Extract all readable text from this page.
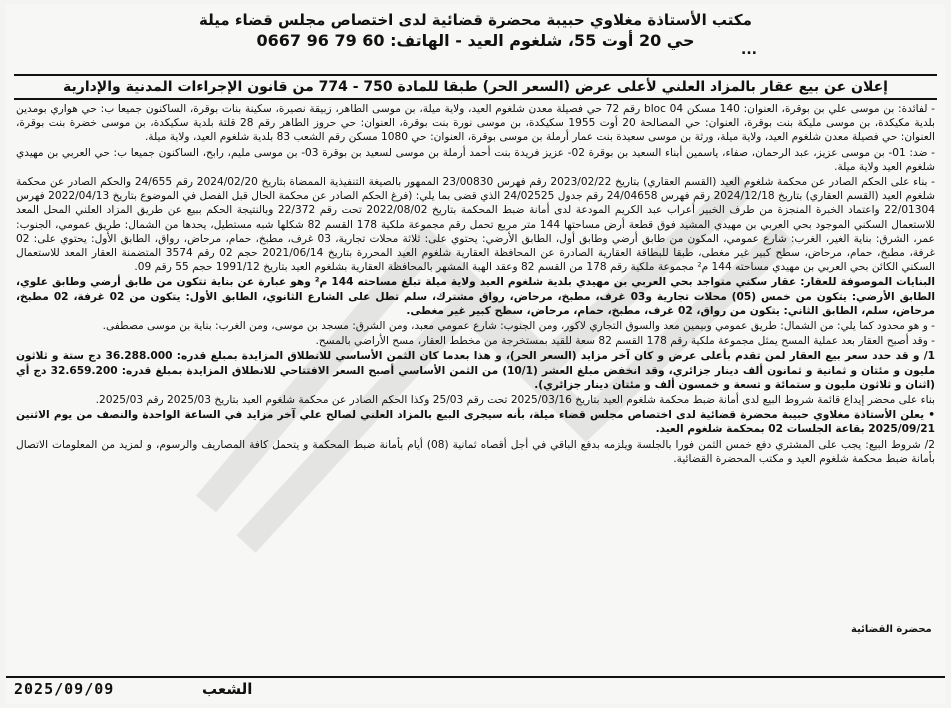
مكتب الأستاذة مغلاوي حبيبة محضرة قضائية لدى اختصاص مجلس قضاء ميلة
حي 20 أوت 55، شلغوم العيد - الهاتف: 60 79 96 0667	...
إعلان عن بيع عقار بالمزاد العلني لأعلى عرض (السعر الحر) طبقا للمادة 750 - 774 من قانون الإجراءات المدنية والإدارية

- لفائدة: بن موسى علي بن بوقرة، العنوان: 140 مسكن bloc 04 رقم 72 حي فصيلة معدن شلغوم العيد، ولاية ميلة، بن موسى الطاهر، زبيقة نصيرة، سكينة بنات بوقرة، الساكنون جميعا ب: حي هواري بومدين بلدية مكيكدة، بن موسى مليكة بنت بوقرة، العنوان: حي المصالحة 20 أوت 1955 سكيكدة، بن موسى نورة بنت بوقرة، العنوان: حي حروز الطاهر رقم 28 قلتة بلدية سكيكدة، بن موسى خضرة بنت بوقرة، العنوان: حي فصيلة معدن شلغوم العيد، ولاية ميلة، ورثة بن موسى سعيدة بنت عمار أرملة بن موسى بوقرة، العنوان: حي 1080 مسكن رقم الشعب 83 بلدية شلغوم العيد، ولاية ميلة.

- ضد: 01- بن موسى عزيز، عبد الرحمان، صفاء، ياسمين أبناء السعيد بن بوقرة 02- عزيز فريدة بنت أحمد أرملة بن موسى لسعيد بن بوقرة 03- بن موسى مليم، رابح، الساكنون جميعا ب: حي العربي بن مهيدي شلغوم العيد ولاية ميلة.

- بناء على الحكم الصادر عن محكمة شلغوم العيد (القسم العقاري) بتاريخ 2023/02/22 رقم فهرس 23/00830 الممهور بالصيغة التنفيذية الممضاة بتاريخ 2024/02/20 رقم 24/655 والحكم الصادر عن محكمة شلغوم العيد (القسم العقاري) بتاريخ 2024/12/18 رقم فهرس 24/04658 رقم جدول 24/02525 الذي قضى بما يلي: (فرغ الحكم الصادر عن محكمة الحال قبل الفصل في الموضوع بتاريخ 2022/04/13 فهرس 22/01304 واعتماد الخبرة المنجزة من طرف الخبير أعراب عبد الكريم المودعة لدى أمانة ضبط المحكمة بتاريخ 2022/08/02 تحت رقم 22/372 وبالنتيجة الحكم ببيع عن طريق المزاد العلني المحل المعد للاستعمال السكني الموجود بحي العربي بن مهيدي المشيد فوق قطعة أرض مساحتها 144 متر مربع تحمل رقم مجموعة ملكية 178 القسم 82 شكلها شبه مستطيل، يحدها من الشمال: طريق عمومي، الجنوب: عمر، الشرق: بناية الغير، الغرب: شارع عمومي، المكون من طابق أرضي وطابق أول، الطابق الأرضي: يحتوي على: ثلاثة محلات تجارية، 03 غرف، مطبخ، حمام، مرحاض، رواق، الطابق الأول: يحتوي على: 02 غرفة، مطبخ، حمام، مرحاض، سطح كبير غير مغطى، طبقا للبطاقة العقارية الصادرة عن المحافظة العقارية شلغوم العيد المحررة بتاريخ 2021/06/14 حجم 02 رقم 3574 المتضمنة العقار المعد للاستعمال السكني الكائن بحي العربي بن مهيدي مساحته 144 م² مجموعة ملكية رقم 178 من القسم 82 وعقد الهبة المشهر بالمحافظة العقارية بشلغوم العيد بتاريخ 1991/12 حجم 55 رقم 09.

البنايات الموصوفة للعقار: عقار سكني متواجد بحي العربي بن مهيدي بلدية شلغوم العيد ولاية ميلة تبلغ مساحته 144 م² وهو عبارة عن بناية تتكون من طابق أرضي وطابق علوي، الطابق الأرضي: يتكون من خمس (05) محلات تجارية و03 غرف، مطبخ، مرحاض، رواق مشترك، سلم تطل على الشارع الثانوي، الطابق الأول: يتكون من 02 غرفة، 02 مطبخ، مرحاض، سلم، الطابق الثاني: يتكون من رواق، 02 غرف، مطبخ، حمام، مرحاض، سطح كبير غير مغطى.

- و هو محدود كما يلي: من الشمال: طريق عمومي وبيمين معد والسوق التجاري لاكور، ومن الجنوب: شارع عمومي معبد، ومن الشرق: مسجد بن موسى، ومن الغرب: بناية بن موسى مصطفى.

- وقد أصبح العقار بعد عملية المسح يمثل مجموعة ملكية رقم 178 القسم 82 سعة للقيد بمستخرجة من مخطط العقار، مسح الأراضي بالمسح.

1/ و قد حدد سعر بيع العقار لمن تقدم بأعلى عرض و كان آخر مزايد (السعر الحر)، و هذا بعدما كان الثمن الأساسي للانطلاق المزايدة بمبلغ قدره: 36.288.000 دج ستة و ثلاثون مليون و مئتان و ثمانية و ثمانون ألف دينار جزائري، وقد انخفض مبلغ العشر (10/1) من الثمن الأساسي أصبح السعر الافتتاحي للانطلاق المزايدة بمبلغ قدره: 32.659.200 دج أي (اثنان و ثلاثون مليون و ستمائة و تسعة و خمسون ألف و مئتان دينار جزائري).

بناء على محضر إيداع قائمة شروط البيع لدى أمانة ضبط محكمة شلغوم العيد بتاريخ 2025/03/16 تحت رقم 25/03 وكذا الحكم الصادر عن محكمة شلغوم العيد بتاريخ 2025/03 رقم 2025/03.

• يعلن الأستاذة مغلاوي حبيبة محضرة قضائية لدى اختصاص مجلس قضاء ميلة، بأنه سيجرى البيع بالمزاد العلني لصالح علي آخر مزايد في الساعة الواحدة والنصف من يوم الاثنين 2025/09/21 بقاعة الجلسات 02 بمحكمة شلغوم العيد.

2/ شروط البيع: يجب على المشتري دفع خمس الثمن فورا بالجلسة ويلزمه بدفع الباقي في أجل أقصاه ثمانية (08) أيام بأمانة ضبط المحكمة و يتحمل كافة المصاريف والرسوم، و لمزيد من المعلومات الاتصال بأمانة ضبط محكمة شلغوم العيد و مكتب المحضرة القضائية.

محضرة القضائية
2025/09/09	الشعب
